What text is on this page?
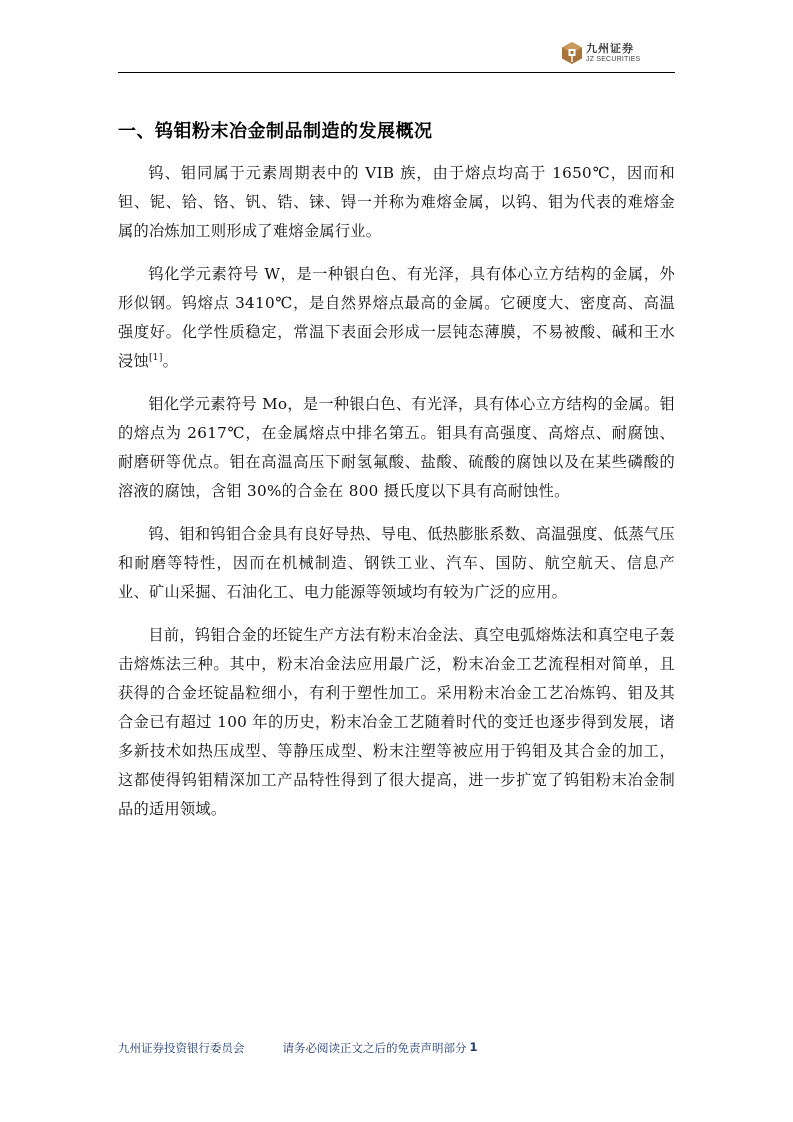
九州证券
JZ SECURITIES
一、钨钼粉末冶金制品制造的发展概况

钨、钼同属于元素周期表中的 VIB 族，由于熔点均高于 1650℃，因而和钽、铌、铪、铬、钒、锆、铼、锝一并称为难熔金属，以钨、钼为代表的难熔金属的冶炼加工则形成了难熔金属行业。

钨化学元素符号 W，是一种银白色、有光泽，具有体心立方结构的金属，外形似钢。钨熔点 3410℃，是自然界熔点最高的金属。它硬度大、密度高、高温强度好。化学性质稳定，常温下表面会形成一层钝态薄膜，不易被酸、碱和王水浸蚀[1]。

钼化学元素符号 Mo，是一种银白色、有光泽，具有体心立方结构的金属。钼的熔点为 2617℃，在金属熔点中排名第五。钼具有高强度、高熔点、耐腐蚀、耐磨研等优点。钼在高温高压下耐氢氟酸、盐酸、硫酸的腐蚀以及在某些磷酸的溶液的腐蚀，含钼 30%的合金在 800 摄氏度以下具有高耐蚀性。

钨、钼和钨钼合金具有良好导热、导电、低热膨胀系数、高温强度、低蒸气压和耐磨等特性，因而在机械制造、钢铁工业、汽车、国防、航空航天、信息产业、矿山采掘、石油化工、电力能源等领域均有较为广泛的应用。

目前，钨钼合金的坯锭生产方法有粉末冶金法、真空电弧熔炼法和真空电子轰击熔炼法三种。其中，粉末冶金法应用最广泛，粉末冶金工艺流程相对简单，且获得的合金坯锭晶粒细小，有利于塑性加工。采用粉末冶金工艺冶炼钨、钼及其合金已有超过 100 年的历史，粉末冶金工艺随着时代的变迁也逐步得到发展，诸多新技术如热压成型、等静压成型、粉末注塑等被应用于钨钼及其合金的加工，这都使得钨钼精深加工产品特性得到了很大提高，进一步扩宽了钨钼粉末冶金制品的适用领域。

九州证券投资银行委员会	请务必阅读正文之后的免责声明部分 1
